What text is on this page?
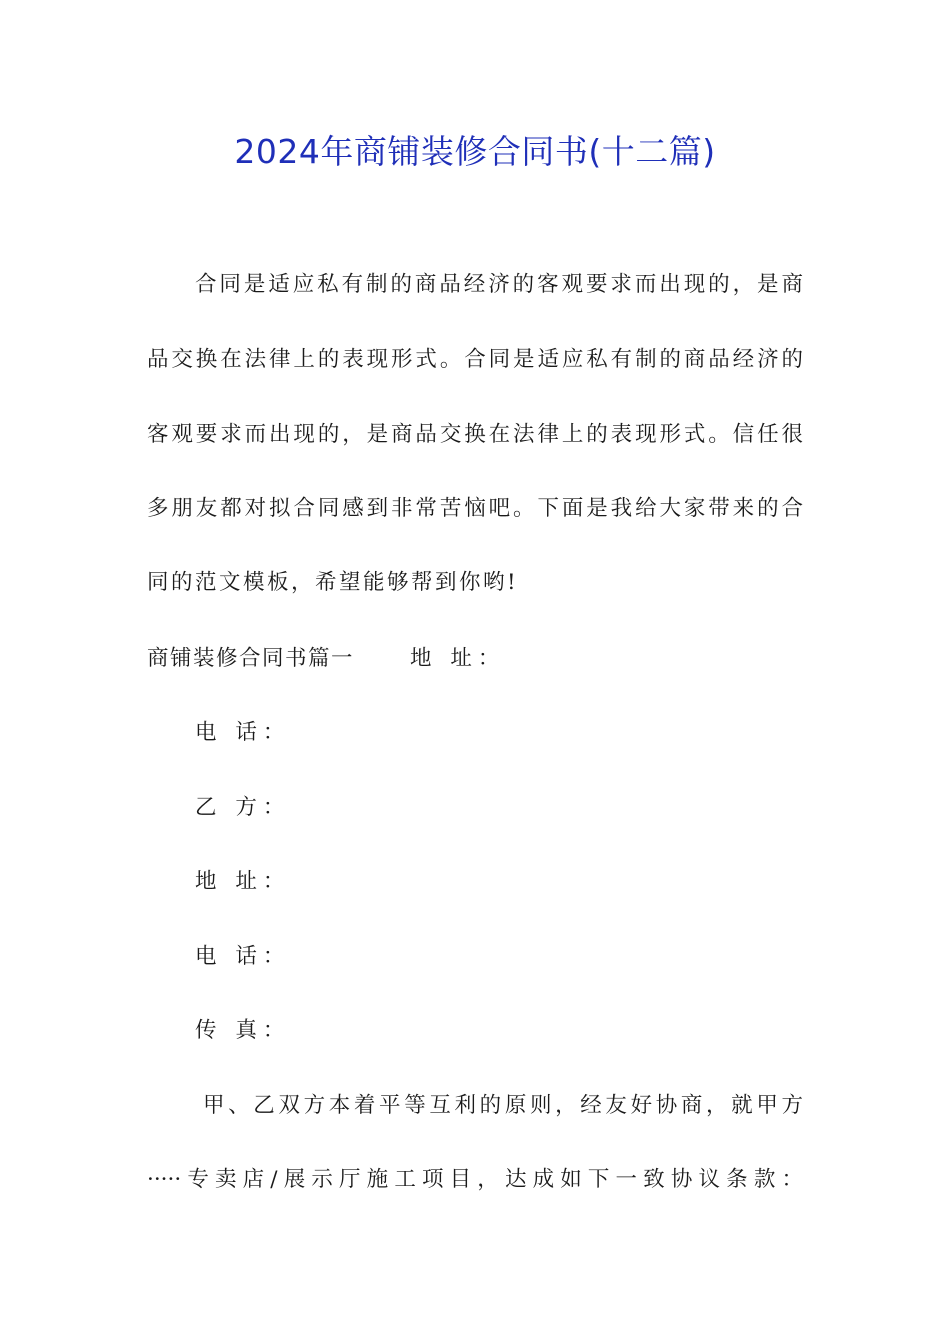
2024年商铺装修合同书(十二篇)
合同是适应私有制的商品经济的客观要求而出现的，是商
品交换在法律上的表现形式。合同是适应私有制的商品经济的
客观要求而出现的，是商品交换在法律上的表现形式。信任很
多朋友都对拟合同感到非常苦恼吧。下面是我给大家带来的合
同的范文模板，希望能够帮到你哟!
商铺装修合同书篇一	地 址：
电 话：
乙 方：
地 址：
电 话：
传 真：
甲、乙双方本着平等互利的原则，经友好协商，就甲方
·····专卖店/展示厅施工项目，达成如下一致协议条款：
